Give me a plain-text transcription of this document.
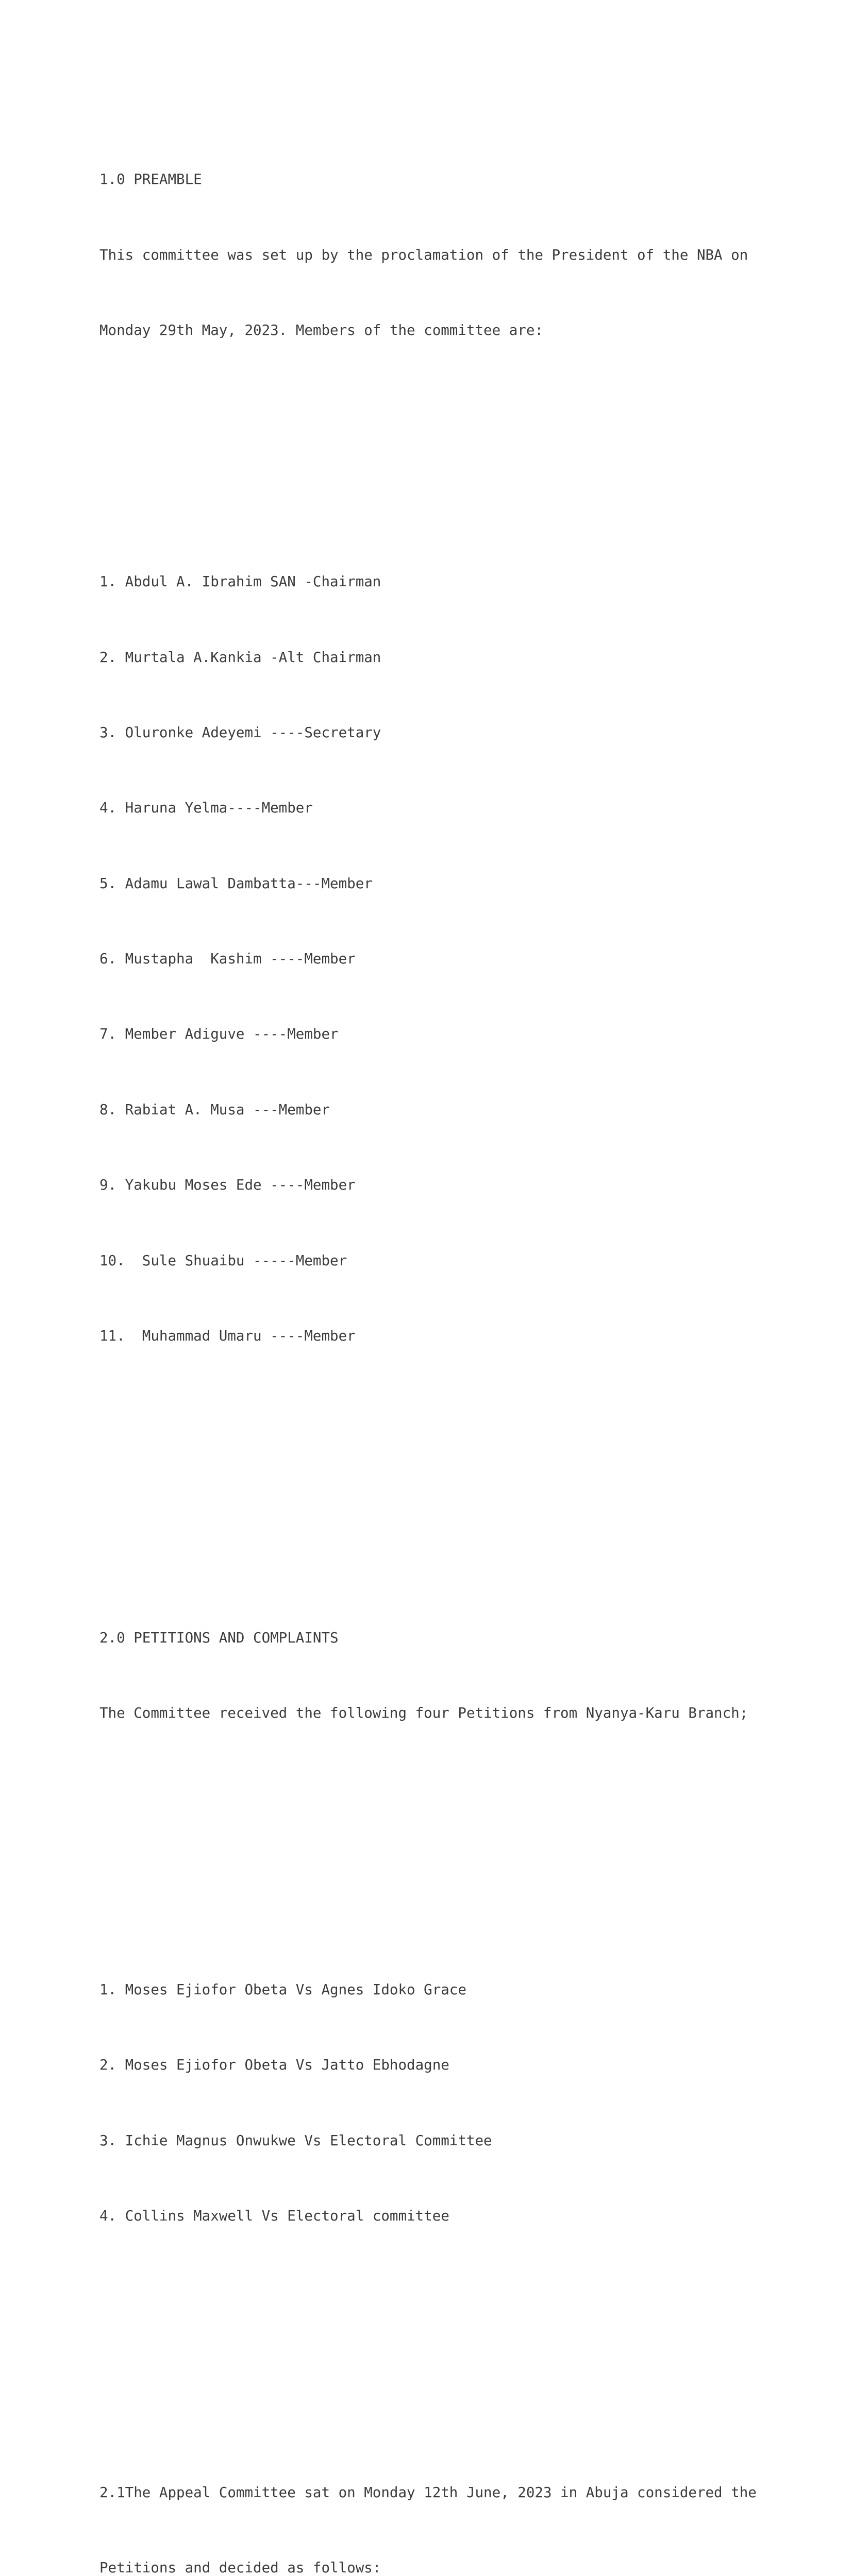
1.0 PREAMBLE

This committee was set up by the proclamation of the President of the NBA on

Monday 29th May, 2023. Members of the committee are:

1. Abdul A. Ibrahim SAN -Chairman

2. Murtala A.Kankia -Alt Chairman

3. Oluronke Adeyemi ----Secretary

4. Haruna Yelma----Member

5. Adamu Lawal Dambatta---Member

6. Mustapha  Kashim ----Member

7. Member Adiguve ----Member

8. Rabiat A. Musa ---Member

9. Yakubu Moses Ede ----Member

10.  Sule Shuaibu -----Member

11.  Muhammad Umaru ----Member

2.0 PETITIONS AND COMPLAINTS

The Committee received the following four Petitions from Nyanya-Karu Branch;

1. Moses Ejiofor Obeta Vs Agnes Idoko Grace

2. Moses Ejiofor Obeta Vs Jatto Ebhodagne

3. Ichie Magnus Onwukwe Vs Electoral Committee

4. Collins Maxwell Vs Electoral committee

2.1The Appeal Committee sat on Monday 12th June, 2023 in Abuja considered the

Petitions and decided as follows:
